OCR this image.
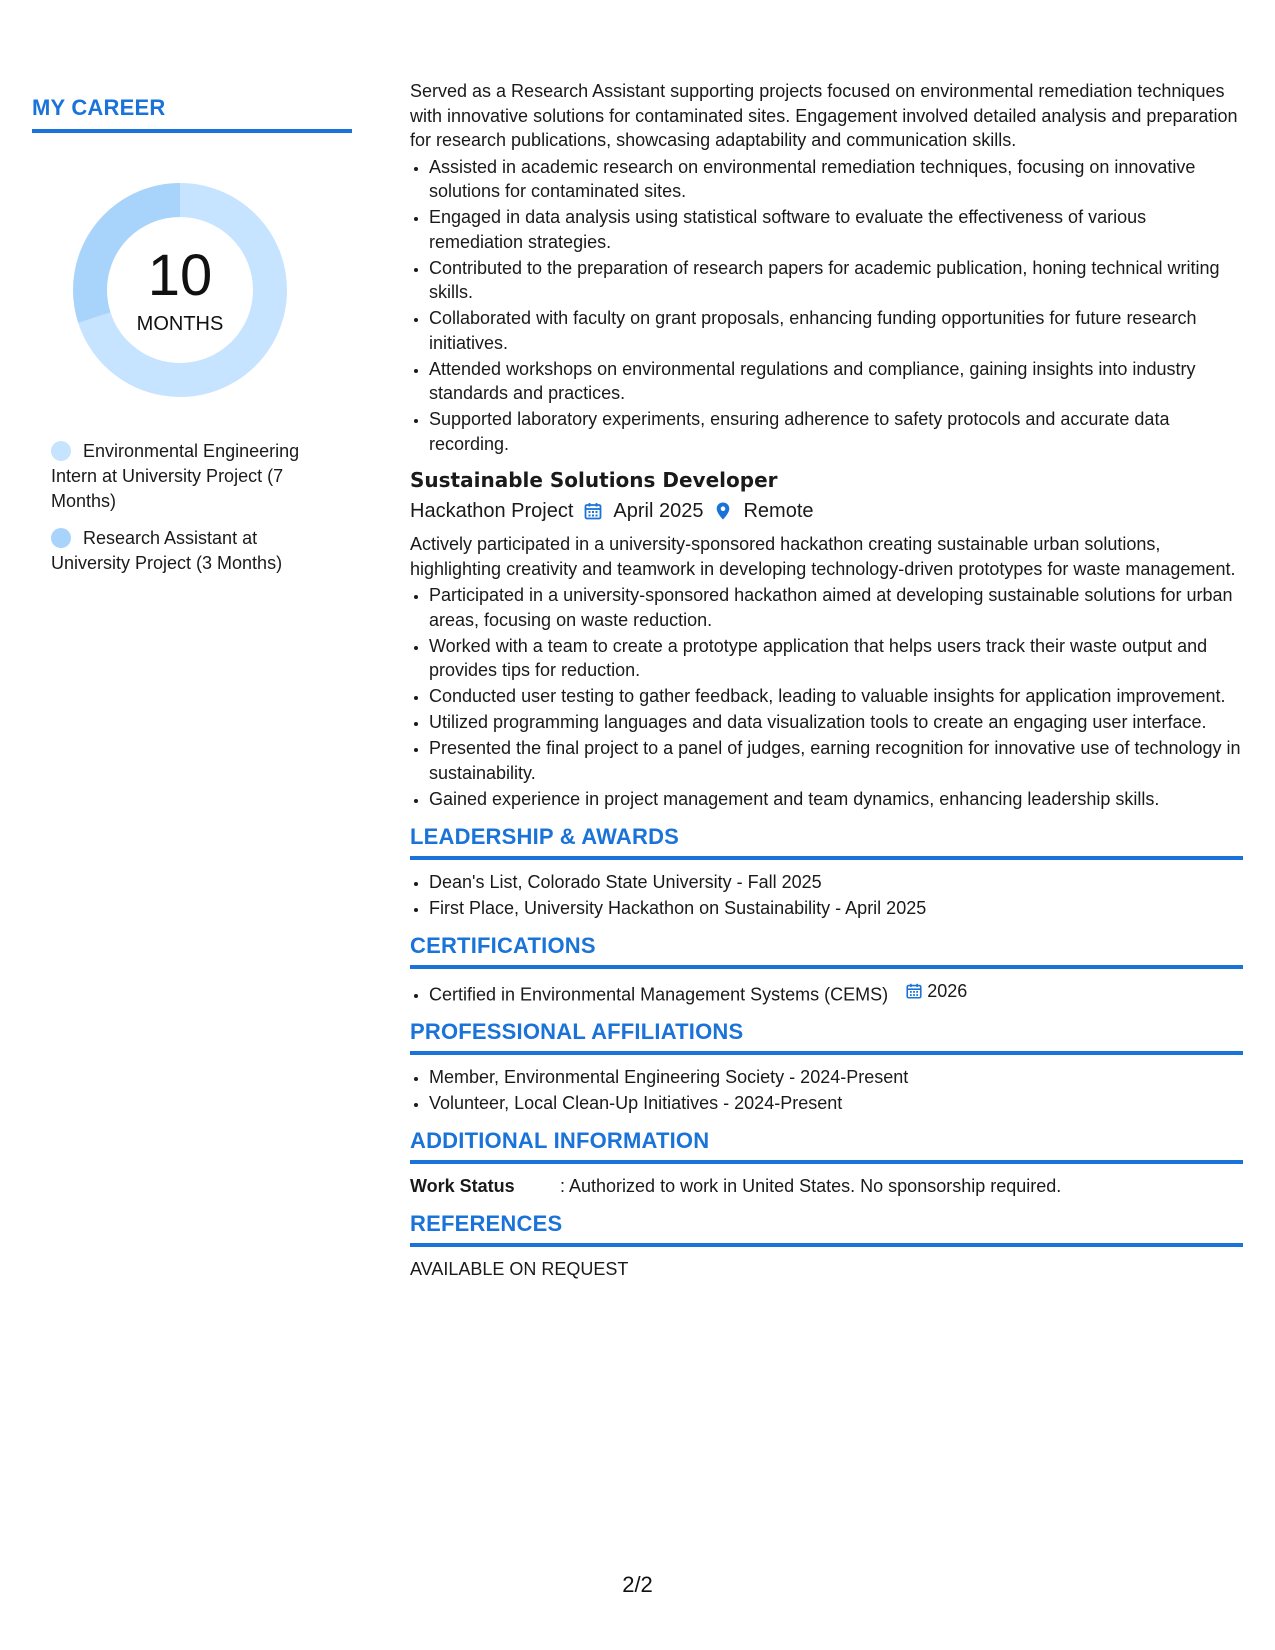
MY CAREER
10
MONTHS
Environmental Engineering Intern at University Project (7 Months)
Research Assistant at University Project (3 Months)

Served as a Research Assistant supporting projects focused on environmental remediation techniques with innovative solutions for contaminated sites. Engagement involved detailed analysis and preparation for research publications, showcasing adaptability and communication skills.

• Assisted in academic research on environmental remediation techniques, focusing on innovative solutions for contaminated sites.
• Engaged in data analysis using statistical software to evaluate the effectiveness of various remediation strategies.
• Contributed to the preparation of research papers for academic publication, honing technical writing skills.
• Collaborated with faculty on grant proposals, enhancing funding opportunities for future research initiatives.
• Attended workshops on environmental regulations and compliance, gaining insights into industry standards and practices.
• Supported laboratory experiments, ensuring adherence to safety protocols and accurate data recording.
Sustainable Solutions Developer
Hackathon Project April 2025 Remote

Actively participated in a university-sponsored hackathon creating sustainable urban solutions, highlighting creativity and teamwork in developing technology-driven prototypes for waste management.

• Participated in a university-sponsored hackathon aimed at developing sustainable solutions for urban areas, focusing on waste reduction.
• Worked with a team to create a prototype application that helps users track their waste output and provides tips for reduction.
• Conducted user testing to gather feedback, leading to valuable insights for application improvement.
• Utilized programming languages and data visualization tools to create an engaging user interface.
• Presented the final project to a panel of judges, earning recognition for innovative use of technology in sustainability.
• Gained experience in project management and team dynamics, enhancing leadership skills.
LEADERSHIP & AWARDS
• Dean's List, Colorado State University - Fall 2025
• First Place, University Hackathon on Sustainability - April 2025
CERTIFICATIONS
• Certified in Environmental Management Systems (CEMS) 2026
PROFESSIONAL AFFILIATIONS
• Member, Environmental Engineering Society - 2024-Present
• Volunteer, Local Clean-Up Initiatives - 2024-Present
ADDITIONAL INFORMATION
Work Status	: Authorized to work in United States. No sponsorship required.
REFERENCES

AVAILABLE ON REQUEST

2/2
